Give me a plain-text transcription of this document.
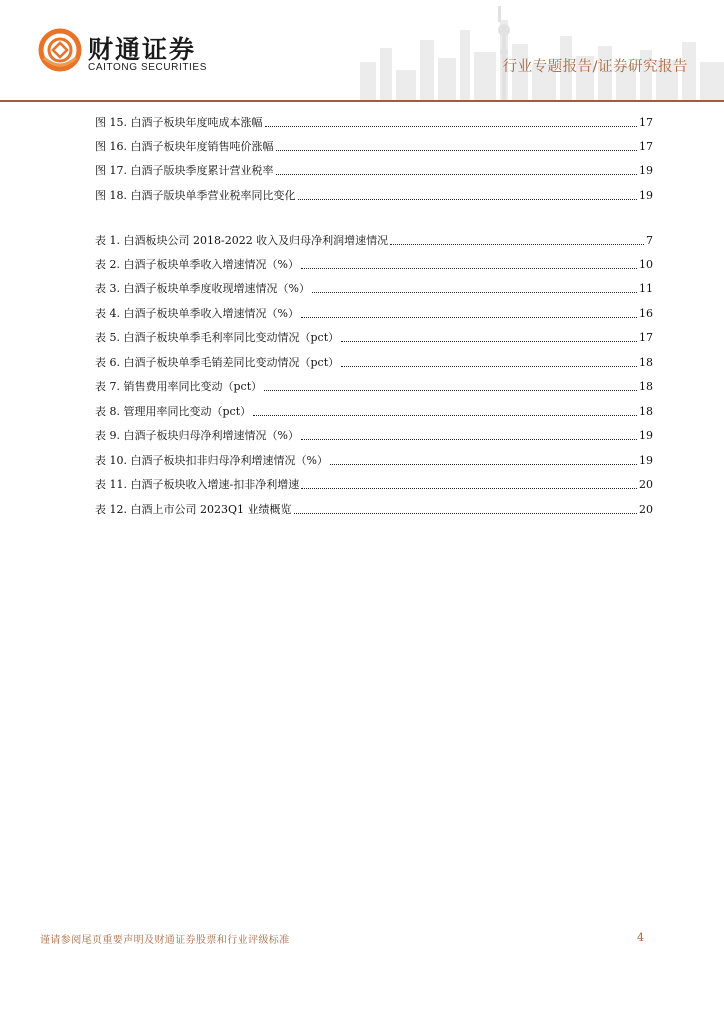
财通证券
CAITONG SECURITIES	行业专题报告/证券研究报告
图 15. 白酒子板块年度吨成本涨幅	17
图 16. 白酒子板块年度销售吨价涨幅	17
图 17. 白酒子版块季度累计营业税率	19
图 18. 白酒子版块单季营业税率同比变化	19
表 1. 白酒板块公司 2018-2022 收入及归母净利润增速情况	7
表 2. 白酒子板块单季收入增速情况（%）	10
表 3. 白酒子板块单季度收现增速情况（%）	11
表 4. 白酒子板块单季收入增速情况（%）	16
表 5. 白酒子板块单季毛利率同比变动情况（pct）	17
表 6. 白酒子板块单季毛销差同比变动情况（pct）	18
表 7. 销售费用率同比变动（pct）	18
表 8. 管理用率同比变动（pct）	18
表 9. 白酒子板块归母净利增速情况（%）	19
表 10. 白酒子板块扣非归母净利增速情况（%）	19
表 11. 白酒子板块收入增速-扣非净利增速	20
表 12. 白酒上市公司 2023Q1 业绩概览	20
谨请参阅尾页重要声明及财通证券股票和行业评级标准	4
